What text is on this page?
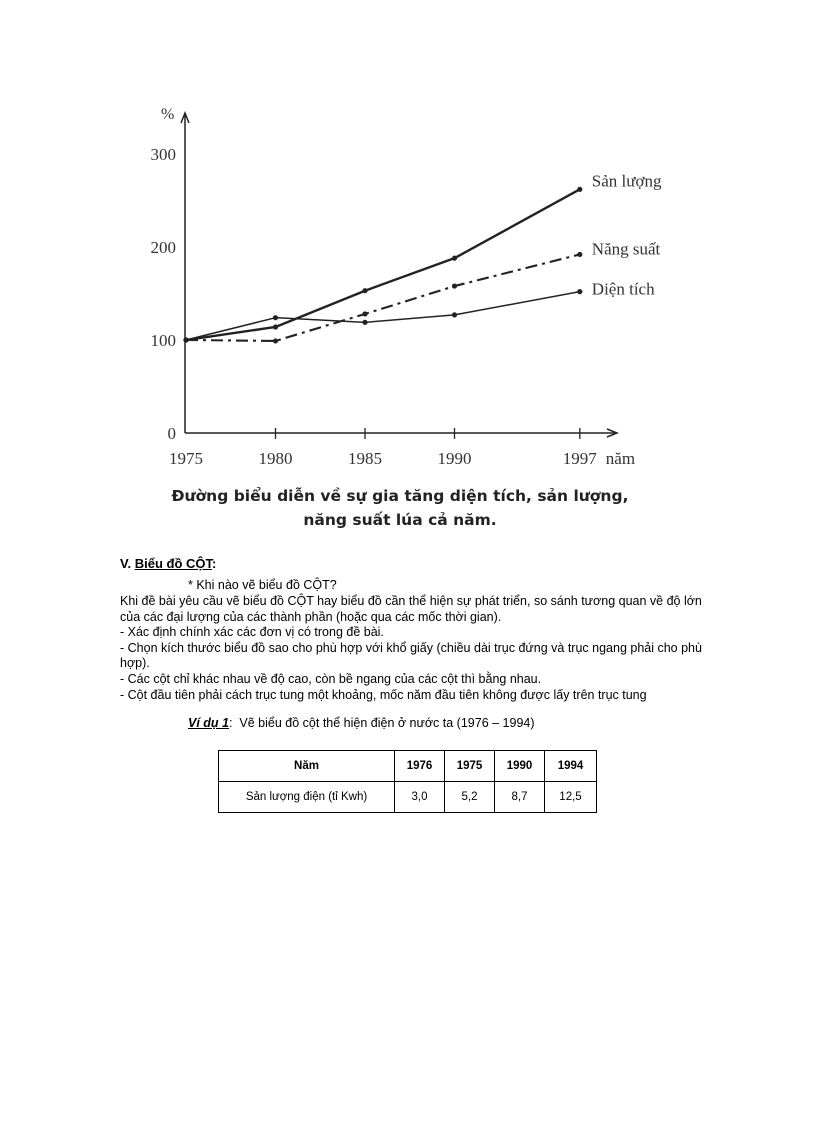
0
100
200
300
1975	1980	1985	1990	1997
%
năm
Sản lượng
Năng suất
Diện tích
Đường biểu diễn về sự gia tăng diện tích, sản lượng,
năng suất lúa cả năm.
V. Biểu đồ CỘT:
* Khi nào vẽ biểu đồ CỘT?
Khi đề bài yêu cầu vẽ biểu đồ CỘT hay biểu đồ cần thể hiện sự phát triển, so sánh tương quan về độ lớn của các đại lượng của các thành phần (hoặc qua các mốc thời gian).
- Xác định chính xác các đơn vị có trong đề bài.
- Chọn kích thước biểu đồ sao cho phù hợp với khổ giấy (chiều dài trục đứng và trục ngang phải cho phù hợp).
- Các cột chỉ khác nhau về độ cao, còn bề ngang của các cột thì bằng nhau.
- Cột đầu tiên phải cách trục tung một khoảng, mốc năm đầu tiên không được lấy trên trục tung
Ví dụ 1: Vẽ biểu đồ cột thể hiện điện ở nước ta (1976 – 1994)
Năm	1976	1975	1990	1994
Sản lượng điện (tỉ Kwh)	3,0	5,2	8,7	12,5
